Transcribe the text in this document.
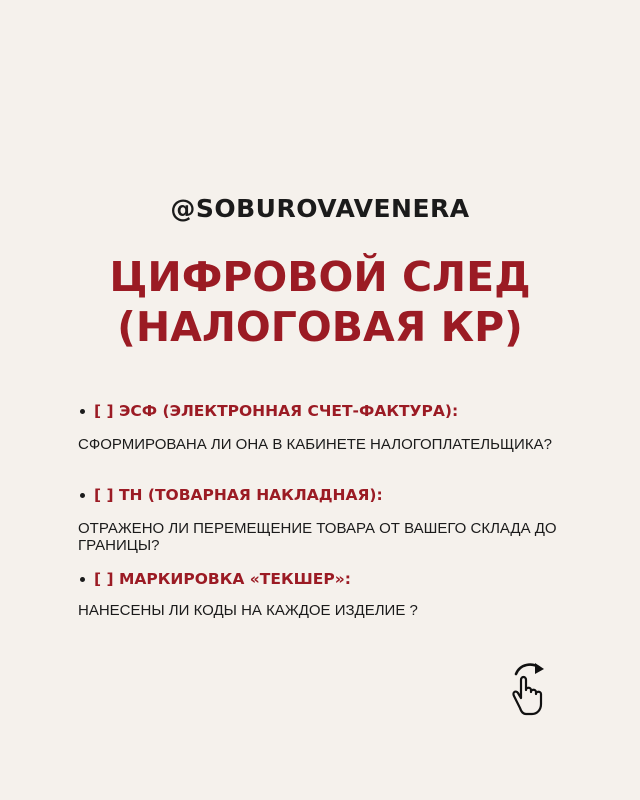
@SOBUROVAVENERA
ЦИФРОВОЙ СЛЕД
(НАЛОГОВАЯ КР)
[ ] ЭСФ (ЭЛЕКТРОННАЯ СЧЕТ-ФАКТУРА):
СФОРМИРОВАНА ЛИ ОНА В КАБИНЕТЕ НАЛОГОПЛАТЕЛЬЩИКА?
[ ] ТН (ТОВАРНАЯ НАКЛАДНАЯ):
ОТРАЖЕНО ЛИ ПЕРЕМЕЩЕНИЕ ТОВАРА ОТ ВАШЕГО СКЛАДА ДО ГРАНИЦЫ?
[ ] МАРКИРОВКА «ТЕКШЕР»:
НАНЕСЕНЫ ЛИ КОДЫ НА КАЖДОЕ ИЗДЕЛИЕ ?
